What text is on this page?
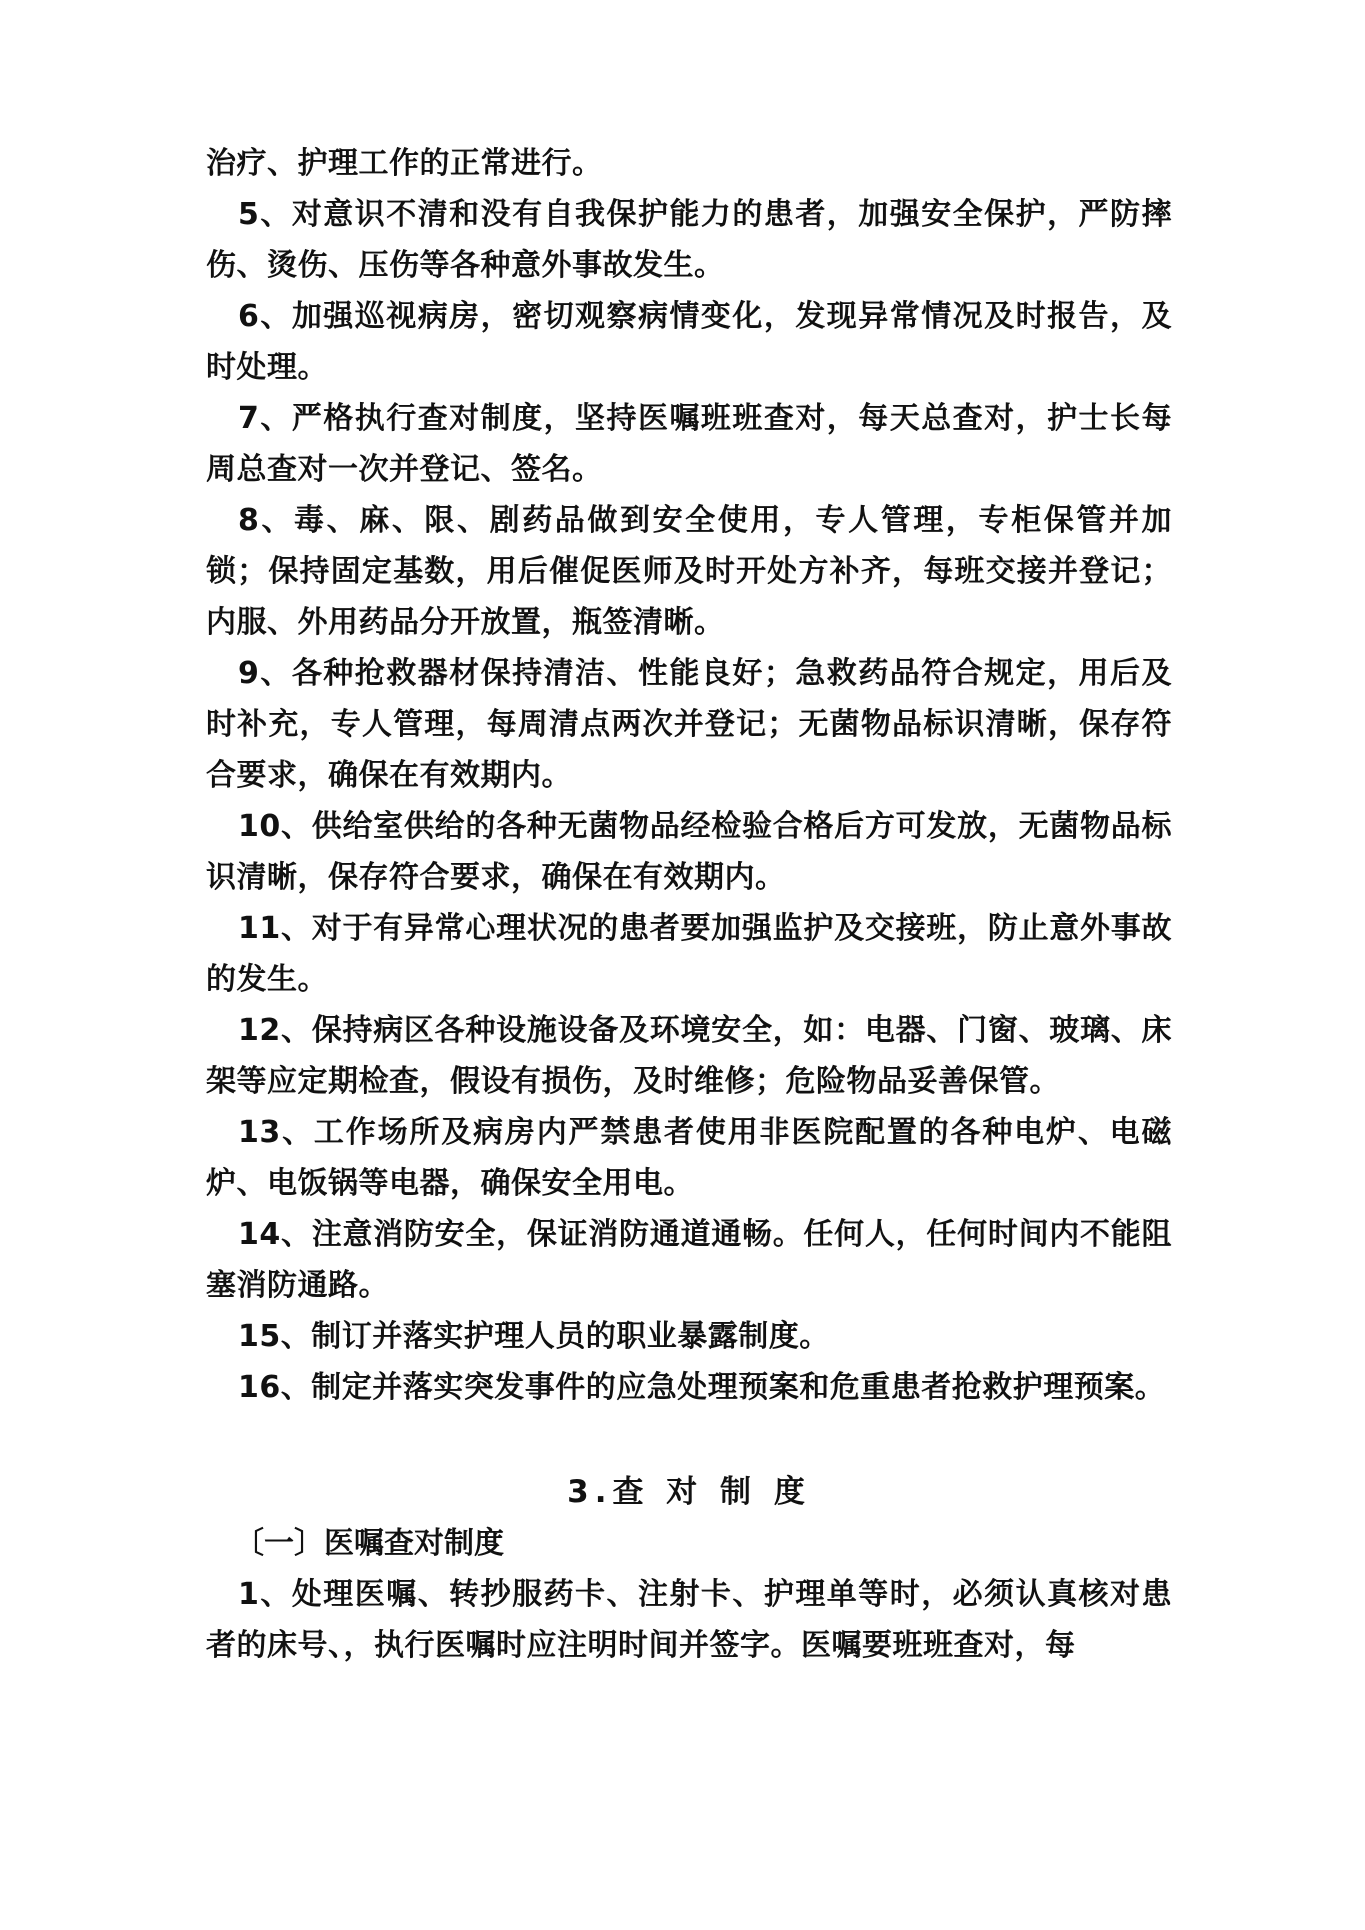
治疗、护理工作的正常进行。

5、对意识不清和没有自我保护能力的患者，加强安全保护，严防摔伤、烫伤、压伤等各种意外事故发生。

6、加强巡视病房，密切观察病情变化，发现异常情况及时报告，及时处理。

7、严格执行查对制度，坚持医嘱班班查对，每天总查对，护士长每周总查对一次并登记、签名。

8、毒、麻、限、剧药品做到安全使用，专人管理，专柜保管并加锁；保持固定基数，用后催促医师及时开处方补齐，每班交接并登记；内服、外用药品分开放置，瓶签清晰。

9、各种抢救器材保持清洁、性能良好；急救药品符合规定，用后及时补充，专人管理，每周清点两次并登记；无菌物品标识清晰，保存符合要求，确保在有效期内。

10、供给室供给的各种无菌物品经检验合格后方可发放，无菌物品标识清晰，保存符合要求，确保在有效期内。

11、对于有异常心理状况的患者要加强监护及交接班，防止意外事故的发生。

12、保持病区各种设施设备及环境安全，如：电器、门窗、玻璃、床架等应定期检查，假设有损伤，及时维修；危险物品妥善保管。

13、工作场所及病房内严禁患者使用非医院配置的各种电炉、电磁炉、电饭锅等电器，确保安全用电。

14、注意消防安全，保证消防通道通畅。任何人，任何时间内不能阻塞消防通路。

15、制订并落实护理人员的职业暴露制度。

16、制定并落实突发事件的应急处理预案和危重患者抢救护理预案。

3.查 对 制 度
〔一〕医嘱查对制度

1、处理医嘱、转抄服药卡、注射卡、护理单等时，必须认真核对患者的床号、，执行医嘱时应注明时间并签字。医嘱要班班查对，每
